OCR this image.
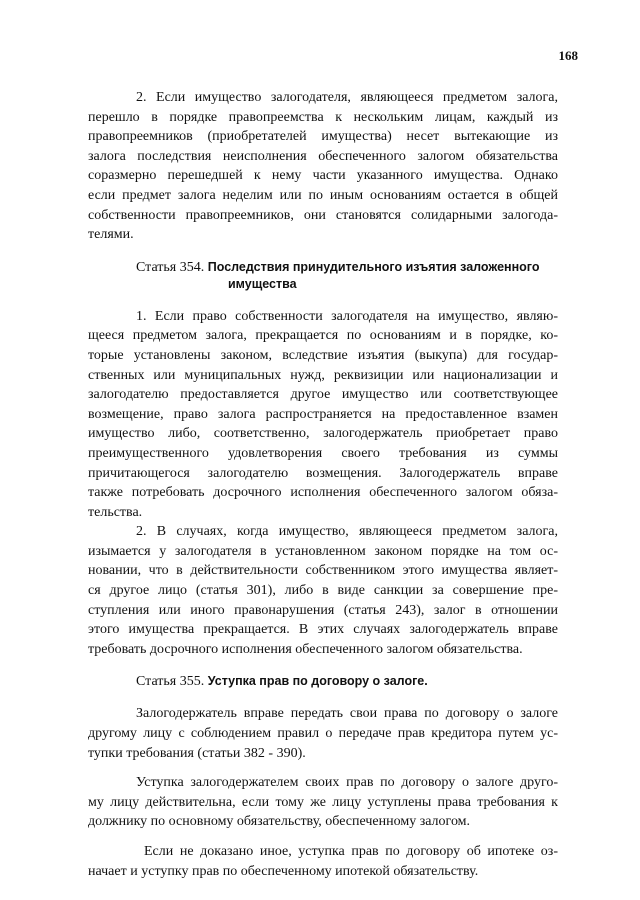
168
2. Если имущество залогодателя, являющееся предметом залога,
перешло в порядке правопреемства к нескольким лицам, каждый из
правопреемников (приобретателей имущества) несет вытекающие из
залога последствия неисполнения обеспеченного залогом обязательства
соразмерно перешедшей к нему части указанного имущества. Однако
если предмет залога неделим или по иным основаниям остается в общей
собственности правопреемников, они становятся солидарными залогода-
телями.
Статья 354. Последствия принудительного изъятия заложенного
имущества
1. Если право собственности залогодателя на имущество, являю-
щееся предметом залога, прекращается по основаниям и в порядке, ко-
торые установлены законом, вследствие изъятия (выкупа) для государ-
ственных или муниципальных нужд, реквизиции или национализации и
залогодателю предоставляется другое имущество или соответствующее
возмещение, право залога распространяется на предоставленное взамен
имущество либо, соответственно, залогодержатель приобретает право
преимущественного удовлетворения своего требования из суммы
причитающегося залогодателю возмещения. Залогодержатель вправе
также потребовать досрочного исполнения обеспеченного залогом обяза-
тельства.
2. В случаях, когда имущество, являющееся предметом залога,
изымается у залогодателя в установленном законом порядке на том ос-
новании, что в действительности собственником этого имущества являет-
ся другое лицо (статья 301), либо в виде санкции за совершение пре-
ступления или иного правонарушения (статья 243), залог в отношении
этого имущества прекращается. В этих случаях залогодержатель вправе
требовать досрочного исполнения обеспеченного залогом обязательства.
Статья 355. Уступка прав по договору о залоге.
Залогодержатель вправе передать свои права по договору о залоге
другому лицу с соблюдением правил о передаче прав кредитора путем ус-
тупки требования (статьи 382 - 390).
Уступка залогодержателем своих прав по договору о залоге друго-
му лицу действительна, если тому же лицу уступлены права требования к
должнику по основному обязательству, обеспеченному залогом.
Если не доказано иное, уступка прав по договору об ипотеке оз-
начает и уступку прав по обеспеченному ипотекой обязательству.
